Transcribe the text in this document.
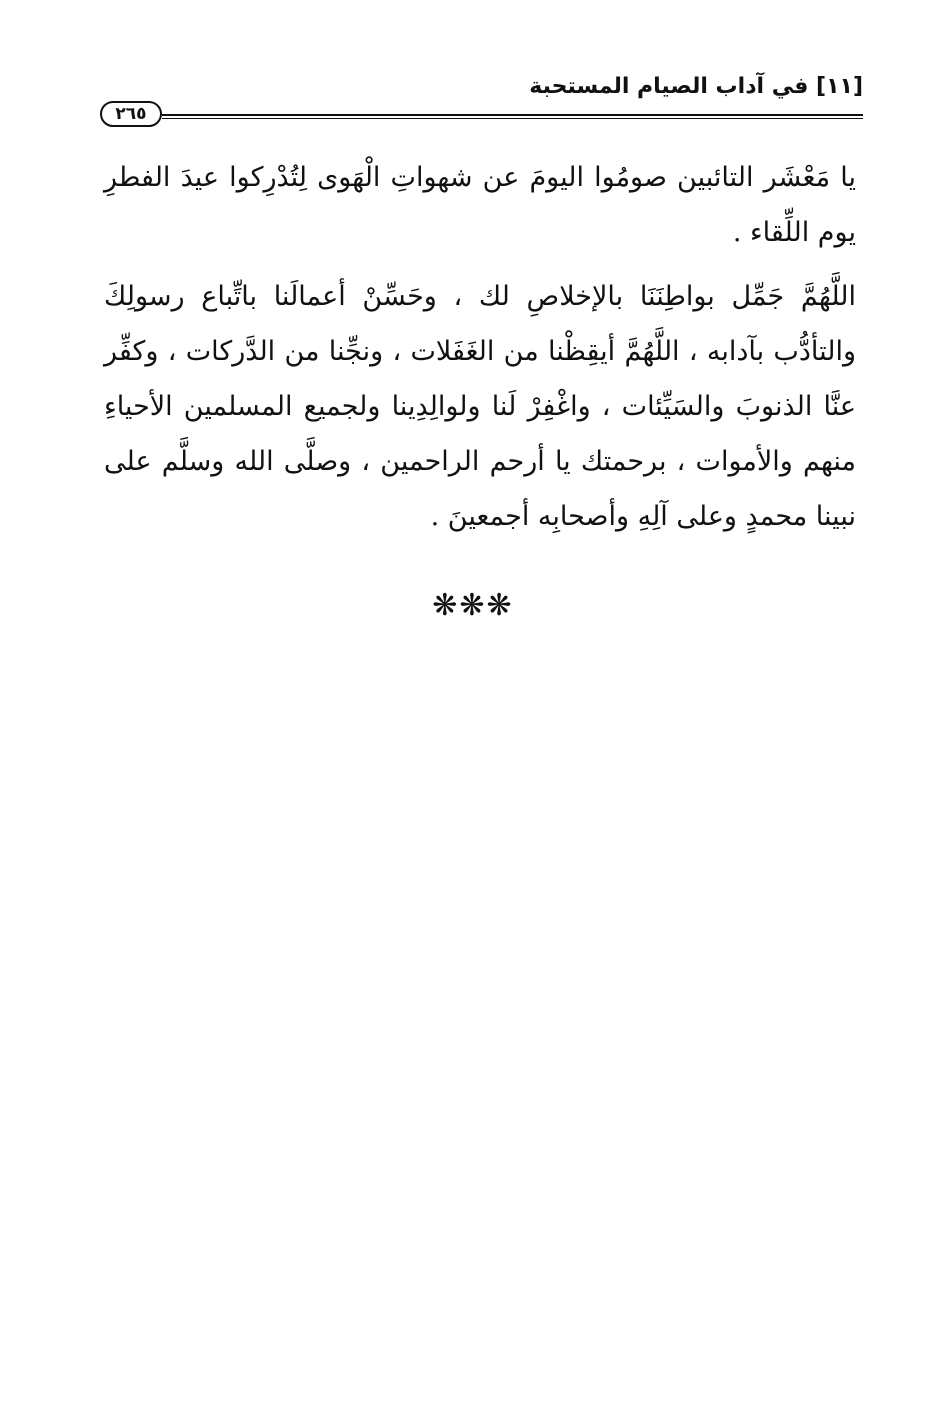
[١١] في آداب الصيام المستحبة
٢٦٥
يا مَعْشَر التائبين صومُوا اليومَ عن شهواتِ الْهَوى لِتُدْرِكوا عيدَ الفطرِ يوم اللِّقاء .
اللَّهُمَّ جَمِّل بواطِنَنَا بالإخلاصِ لك ، وحَسِّنْ أعمالَنا باتِّباع رسولِكَ والتأدُّب بآدابه ، اللَّهُمَّ أيقِظْنا من الغَفَلات ، ونجِّنا من الدَّركات ، وكفِّر عنَّا الذنوبَ والسَيِّئات ، واغْفِرْ لَنا ولوالِدِينا ولجميع المسلمين الأحياءِ منهم والأموات ، برحمتك يا أرحم الراحمين ، وصلَّى الله وسلَّم على نبينا محمدٍ وعلى آلِهِ وأصحابِه أجمعينَ .
❋❋❋
